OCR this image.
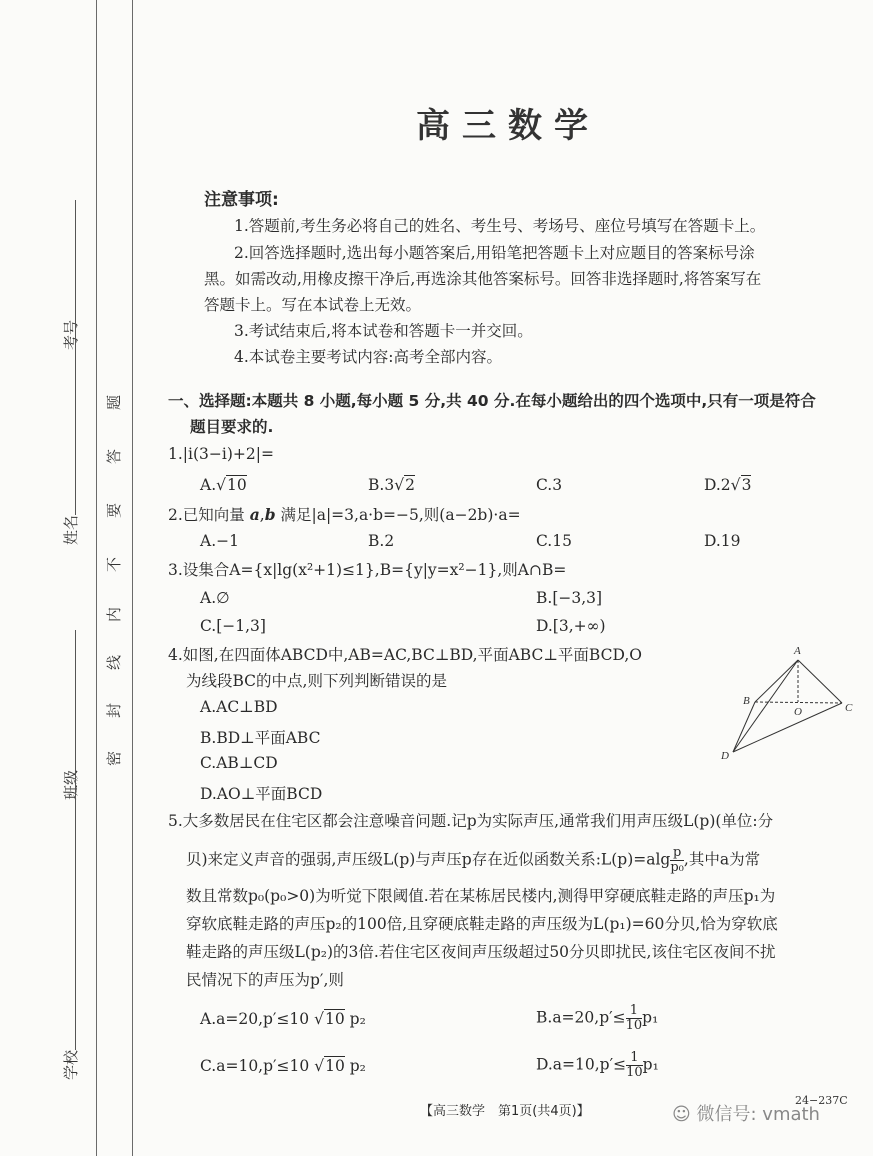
考号
姓名
班级
学校
题
答
要
不
内
线
封
密
高三数学
注意事项:
1.答题前,考生务必将自己的姓名、考生号、考场号、座位号填写在答题卡上。
2.回答选择题时,选出每小题答案后,用铅笔把答题卡上对应题目的答案标号涂
黑。如需改动,用橡皮擦干净后,再选涂其他答案标号。回答非选择题时,将答案写在
答题卡上。写在本试卷上无效。
3.考试结束后,将本试卷和答题卡一并交回。
4.本试卷主要考试内容:高考全部内容。
一、选择题:本题共 8 小题,每小题 5 分,共 40 分.在每小题给出的四个选项中,只有一项是符合
题目要求的.
1.|i(3−i)+2|=
A.√10	B.3√2	C.3	D.2√3
2.已知向量 a,b 满足|a|=3,a·b=−5,则(a−2b)·a=
A.−1	B.2	C.15	D.19
3.设集合A={x|lg(x²+1)≤1},B={y|y=x²−1},则A∩B=
A.∅	B.[−3,3]
C.[−1,3]	D.[3,+∞)
4.如图,在四面体ABCD中,AB=AC,BC⊥BD,平面ABC⊥平面BCD,O
为线段BC的中点,则下列判断错误的是
A.AC⊥BD
B.BD⊥平面ABC
C.AB⊥CD
D.AO⊥平面BCD
5.大多数居民在住宅区都会注意噪音问题.记p为实际声压,通常我们用声压级L(p)(单位:分
贝)来定义声音的强弱,声压级L(p)与声压p存在近似函数关系:L(p)=alg $\frac{p}{\text{p₀}}$ ,其中a为常
数且常数p₀(p₀>0)为听觉下限阈值.若在某栋居民楼内,测得甲穿硬底鞋走路的声压p₁为
穿软底鞋走路的声压p₂的100倍,且穿硬底鞋走路的声压级为L(p₁)=60分贝,恰为穿软底
鞋走路的声压级L(p₂)的3倍.若住宅区夜间声压级超过50分贝即扰民,该住宅区夜间不扰
民情况下的声压为p′,则
A.a=20,p′≤10 √10 p₂	$B.a=20,p'\le \frac{1}{10} p_1$
C.a=10,p′≤10 √10 p₂	$D.a=10,p'\le \frac{1}{10} p_1$
A
B
O	C
D
【高三数学　第1页(共4页)】
24−237C
☺ 微信号: vmath
